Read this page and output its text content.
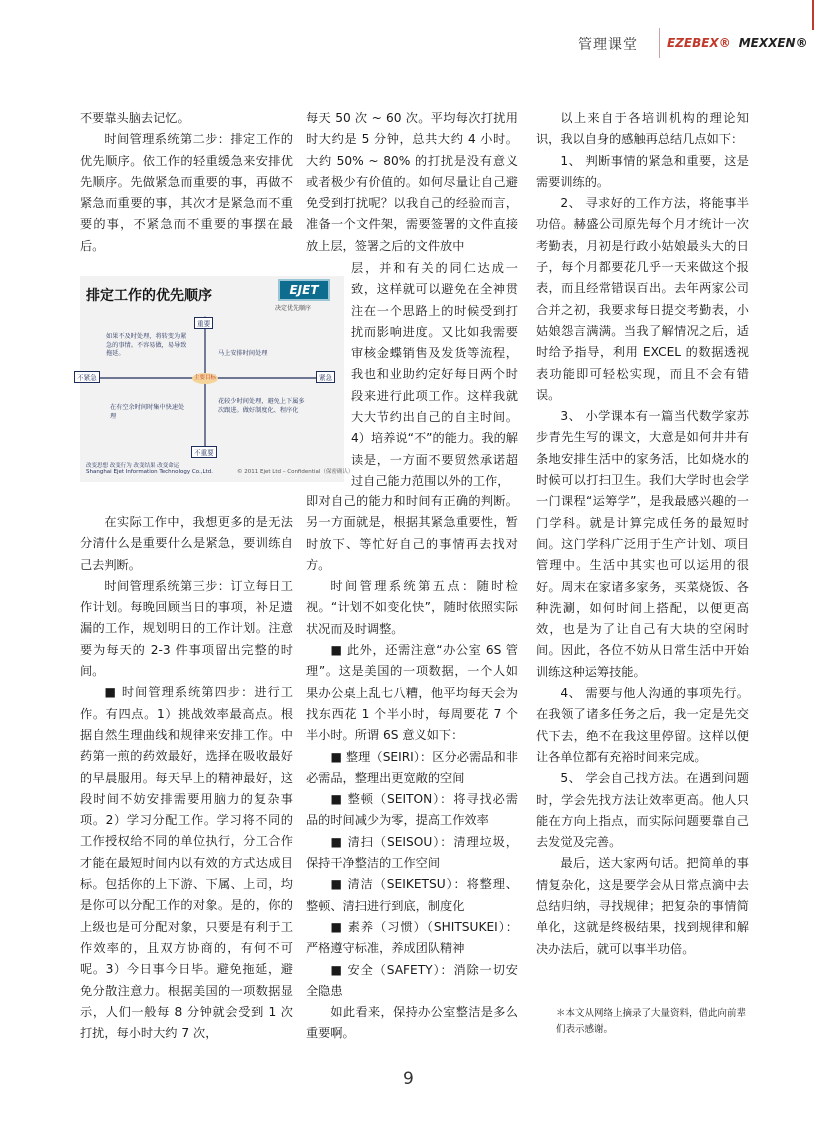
管理课堂 EZEBEX® MEXXEN®

不要靠头脑去记忆。

时间管理系统第二步：排定工作的优先顺序。依工作的轻重缓急来安排优先顺序。先做紧急而重要的事，再做不紧急而重要的事，其次才是紧急而不重要的事，不紧急而不重要的事摆在最后。

排定工作的优先顺序	EJET
决定优先顺序
重要
不重要
不紧急	紧急
主要目标
如果不及时处理，将转变为紧急的事情。不容易做，易导致拖延。	马上安排时间处理
在有空余时间时集中快速处理
花较少时间处理，避免上下属多次跟进。做好制度化、程序化
改变思想 改变行为 改变结果 改变命运
Shanghai Ejet Information Technology Co.,Ltd.	© 2011 Ejet Ltd – Confidential（保密确认）

在实际工作中，我想更多的是无法分清什么是重要什么是紧急，要训练自己去判断。

时间管理系统第三步：订立每日工作计划。每晚回顾当日的事项，补足遗漏的工作，规划明日的工作计划。注意要为每天的 2-3 件事项留出完整的时间。

■ 时间管理系统第四步：进行工作。有四点。1）挑战效率最高点。根据自然生理曲线和规律来安排工作。中药第一煎的药效最好，选择在吸收最好的早晨服用。每天早上的精神最好，这段时间不妨安排需要用脑力的复杂事项。2）学习分配工作。学习将不同的工作授权给不同的单位执行，分工合作才能在最短时间内以有效的方式达成目标。包括你的上下游、下属、上司，均是你可以分配工作的对象。是的，你的上级也是可分配对象，只要是有利于工作效率的，且双方协商的，有何不可呢。3）今日事今日毕。避免拖延，避免分散注意力。根据美国的一项数据显示，人们一般每 8 分钟就会受到 1 次打扰，每小时大约 7 次，

每天 50 次 ~ 60 次。平均每次打扰用时大约是 5 分钟，总共大约 4 小时。大约 50% ~ 80% 的打扰是没有意义或者极少有价值的。如何尽量让自己避免受到打扰呢？以我自己的经验而言，准备一个文件架，需要签署的文件直接放上层，签署之后的文件放中

层，并和有关的同仁达成一致，这样就可以避免在全神贯注在一个思路上的时候受到打扰而影响进度。又比如我需要审核金蝶销售及发货等流程，我也和业助约定好每日两个时段来进行此项工作。这样我就大大节约出自己的自主时间。4）培养说“不”的能力。我的解读是，一方面不要贸然承诺超过自己能力范围以外的工作，

即对自己的能力和时间有正确的判断。另一方面就是，根据其紧急重要性，暂时放下、等忙好自己的事情再去找对方。

时间管理系统第五点：随时检视。“计划不如变化快”，随时依照实际状况而及时调整。

■ 此外，还需注意“办公室 6S 管理”。这是美国的一项数据，一个人如果办公桌上乱七八糟，他平均每天会为找东西花 1 个半小时，每周要花 7 个半小时。所谓 6S 意义如下：

■ 整理（SEIRI）：区分必需品和非必需品，整理出更宽敞的空间

■ 整顿（SEITON）：将寻找必需品的时间减少为零，提高工作效率

■ 清扫（SEISOU）：清理垃圾，保持干净整洁的工作空间

■ 清洁（SEIKETSU）：将整理、整顿、清扫进行到底，制度化

■ 素养（习惯）（SHITSUKEI）：严格遵守标准，养成团队精神

■ 安全（SAFETY）：消除一切安全隐患

如此看来，保持办公室整洁是多么重要啊。

以上来自于各培训机构的理论知识，我以自身的感触再总结几点如下：

1、 判断事情的紧急和重要，这是需要训练的。

2、 寻求好的工作方法，将能事半功倍。赫盛公司原先每个月才统计一次考勤表，月初是行政小姑娘最头大的日子，每个月都要花几乎一天来做这个报表，而且经常错误百出。去年两家公司合并之初，我要求每日提交考勤表，小姑娘怨言满满。当我了解情况之后，适时给予指导，利用 EXCEL 的数据透视表功能即可轻松实现，而且不会有错误。

3、 小学课本有一篇当代数学家苏步青先生写的课文，大意是如何井井有条地安排生活中的家务活，比如烧水的时候可以打扫卫生。我们大学时也会学一门课程“运筹学”，是我最感兴趣的一门学科。就是计算完成任务的最短时间。这门学科广泛用于生产计划、项目管理中。生活中其实也可以运用的很好。周末在家诸多家务，买菜烧饭、各种洗涮，如何时间上搭配，以便更高效，也是为了让自己有大块的空闲时间。因此，各位不妨从日常生活中开始训练这种运筹技能。

4、 需要与他人沟通的事项先行。在我领了诸多任务之后，我一定是先交代下去，绝不在我这里停留。这样以便让各单位都有充裕时间来完成。

5、 学会自己找方法。在遇到问题时，学会先找方法让效率更高。他人只能在方向上指点，而实际问题要靠自己去发觉及完善。

最后，送大家两句话。把简单的事情复杂化，这是要学会从日常点滴中去总结归纳，寻找规律；把复杂的事情简单化，这就是终极结果，找到规律和解决办法后，就可以事半功倍。

＊本文从网络上摘录了大量资料，借此向前辈们表示感谢。
9
